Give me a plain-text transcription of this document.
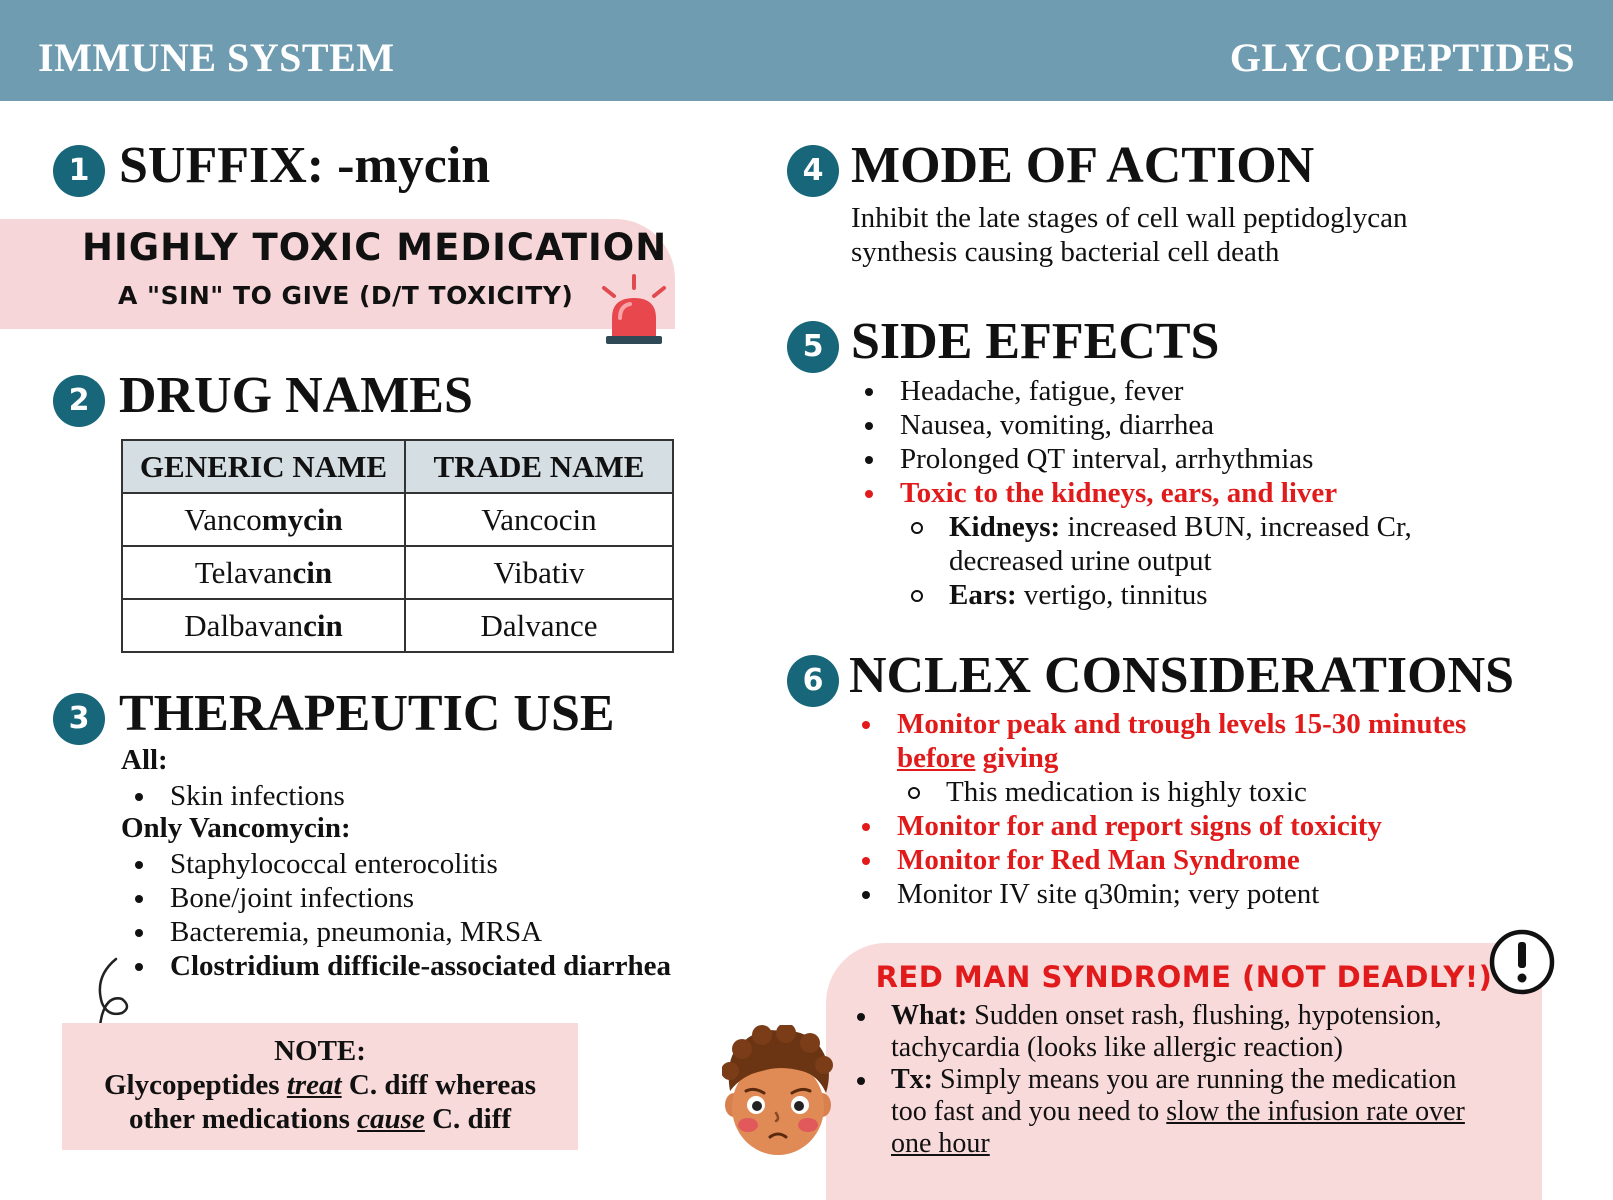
IMMUNE SYSTEM	GLYCOPEPTIDES
1 SUFFIX: -mycin
HIGHLY TOXIC MEDICATION
A "SIN" TO GIVE (D/T TOXICITY)
2 DRUG NAMES
GENERIC NAME	TRADE NAME
Vancomycin	Vancocin
Telavancin	Vibativ
Dalbavancin	Dalvance
3 THERAPEUTIC USE
All:
Skin infections
Only Vancomycin:
Staphylococcal enterocolitis
Bone/joint infections
Bacteremia, pneumonia, MRSA
Clostridium difficile-associated diarrhea
NOTE:
Glycopeptides treat C. diff whereas
other medications cause C. diff
4 MODE OF ACTION
Inhibit the late stages of cell wall peptidoglycan
synthesis causing bacterial cell death
5 SIDE EFFECTS
Headache, fatigue, fever
Nausea, vomiting, diarrhea
Prolonged QT interval, arrhythmias
Toxic to the kidneys, ears, and liver
Kidneys: increased BUN, increased Cr,
decreased urine output
Ears: vertigo, tinnitus
6 NCLEX CONSIDERATIONS
Monitor peak and trough levels 15-30 minutes
before giving
This medication is highly toxic
Monitor for and report signs of toxicity
Monitor for Red Man Syndrome
Monitor IV site q30min; very potent
RED MAN SYNDROME (NOT DEADLY!)
What: Sudden onset rash, flushing, hypotension,
tachycardia (looks like allergic reaction)
Tx: Simply means you are running the medication
too fast and you need to slow the infusion rate over
one hour
